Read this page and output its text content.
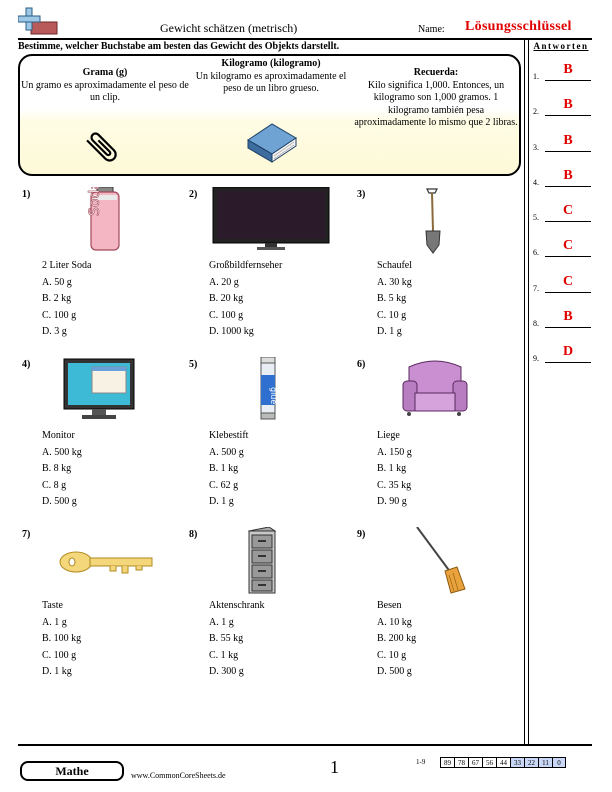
Gewicht schätzen (metrisch)	Name: Lösungsschlüssel
Bestimme, welcher Buchstabe am besten das Gewicht des Objekts darstellt.	Antworten
Grama (g)
Un gramo es aproximadamente el peso de un clip.
Kilogramo (kilogramo)
Un kilogramo es aproximadamente el peso de un libro grueso.
Recuerda:
Kilo significa 1,000. Entonces, un kilogramo son 1,000 gramos. 1 kilogramo también pesa aproximadamente lo mismo que 2 libras.
1)	Soda
2 Liter Soda
A. 50 g
B. 2 kg
C. 100 g
D. 3 g
2)
Großbildfernseher
A. 20 g
B. 20 kg
C. 100 g
D. 1000 kg
3)
Schaufel
A. 30 kg
B. 5 kg
C. 10 g
D. 1 g
4)
Monitor
A. 500 kg
B. 8 kg
C. 8 g
D. 500 g
5)
glue
Klebestift
A. 500 g
B. 1 kg
C. 62 g
D. 1 g
6)
Liege
A. 150 g
B. 1 kg
C. 35 kg
D. 90 g
7)
Taste
A. 1 g
B. 100 kg
C. 100 g
D. 1 kg
8)
Aktenschrank
A. 1 g
B. 55 kg
C. 1 kg
D. 300 g
9)
Besen
A. 10 kg
B. 200 kg
C. 10 g
D. 500 g
1.	B
2.	B
3.	B
4.	B
5.	C
6.	C
7.	C
8.	B
9.	D
Mathe	www.CommonCoreSheets.de	1	1-9	89	78	67	56	44	33	22	11	0
